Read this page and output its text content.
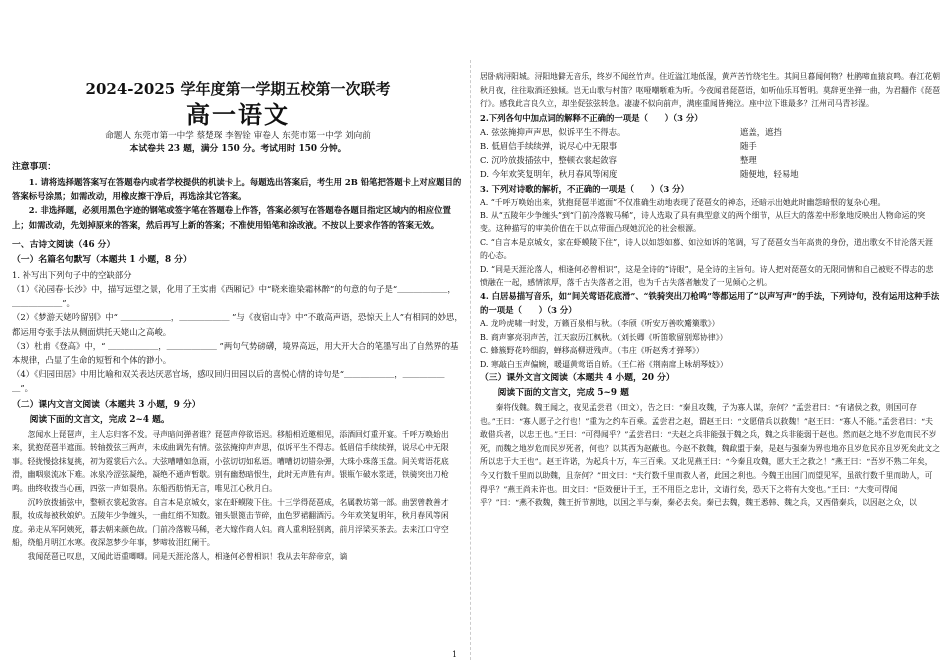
2024-2025 学年度第一学期五校第一次联考

高一语文

命题人 东莞市第一中学 蔡楚琛 李智铨 审卷人 东莞市第一中学 刘向前

本试卷共 23 题，满分 150 分。考试用时 150 分钟。

注意事项：

1. 请将选择题答案写在答题卷内或者学校提供的机读卡上。每题选出答案后，考生用 2B 铅笔把答题卡上对应题目的答案标号涂黑；如需改动，用橡皮擦干净后，再选涂其它答案。

2. 非选择题，必须用黑色字迹的钢笔或签字笔在答题卷上作答，答案必须写在答题卷各题目指定区域内的相应位置上；如需改动，先划掉原来的答案，然后再写上新的答案；不准使用铅笔和涂改液。不按以上要求作答的答案无效。

一、古诗文阅读（46 分）

（一）名篇名句默写（本题共 1 小题，8 分）

1. 补写出下列句子中的空缺部分

（1）《沁园春·长沙》中，描写远望之景，化用了王实甫《西厢记》中“晓来谁染霜林醉”的句意的句子是“＿＿＿＿＿＿，＿＿＿＿＿＿”。

（2）《梦游天姥吟留别》中“ ＿＿＿＿＿＿，＿＿＿＿＿＿ ”与《夜宿山寺》中“不敢高声语，恐惊天上人”有相同的妙思，都运用夸张手法从侧面烘托天姥山之高峻。

（3）杜甫《登高》中，“ ＿＿＿＿＿＿，＿＿＿＿＿＿ ”两句气势磅礴，境界高远，用大开大合的笔墨写出了自然界的基本规律，凸显了生命的短暂和个体的渺小。

（4）《归园田居》中用比喻和双关表达厌恶官场，感叹回归田园以后的喜悦心情的诗句是“＿＿＿＿＿＿，＿＿＿＿＿＿”。

（二）课内文言文阅读（本题共 3 小题，9 分）

阅读下面的文言文，完成 2~4 题。

忽闻水上琵琶声，主人忘归客不发。寻声暗问弹者谁？琵琶声停欲语迟。移船相近邀相见，添酒回灯重开宴。千呼万唤始出来，犹抱琵琶半遮面。转轴拨弦三两声，未成曲调先有情。弦弦掩抑声声思，似诉平生不得志。低眉信手续续弹，说尽心中无限事。轻拢慢捻抹复挑，初为霓裳后六么。大弦嘈嘈如急雨，小弦切切如私语。嘈嘈切切错杂弹，大珠小珠落玉盘。间关莺语花底滑，幽咽泉流冰下难。冰泉冷涩弦凝绝，凝绝不通声暂歇。别有幽愁暗恨生，此时无声胜有声。银瓶乍破水浆迸，铁骑突出刀枪鸣。曲终收拨当心画，四弦一声如裂帛。东船西舫悄无言，唯见江心秋月白。

沉吟放拨插弦中，整顿衣裳起敛容。自言本是京城女，家在虾蟆陵下住。十三学得琵琶成，名属教坊第一部。曲罢曾教善才服，妆成每被秋娘妒。五陵年少争缠头，一曲红绡不知数。钿头银篦击节碎，血色罗裙翻酒污。今年欢笑复明年，秋月春风等闲度。弟走从军阿姨死，暮去朝来颜色故。门前冷落鞍马稀，老大嫁作商人妇。商人重利轻别离，前月浮梁买茶去。去来江口守空船，绕船月明江水寒。夜深忽梦少年事，梦啼妆泪红阑干。

我闻琵琶已叹息，又闻此语重唧唧。同是天涯沦落人，相逢何必曾相识！我从去年辞帝京，谪

居卧病浔阳城。浔阳地僻无音乐，终岁不闻丝竹声。住近湓江地低湿，黄芦苦竹绕宅生。其间旦暮闻何物？杜鹃啼血猿哀鸣。春江花朝秋月夜，往往取酒还独倾。岂无山歌与村笛？呕哑嘲哳难为听。今夜闻君琵琶语，如听仙乐耳暂明。莫辞更坐弹一曲，为君翻作《琵琶行》。感我此言良久立，却坐促弦弦转急。凄凄不似向前声，满座重闻皆掩泣。座中泣下谁最多？江州司马青衫湿。

2.下列各句中加点词的解释不正确的一项是（　　）（3 分）

A. 弦弦掩抑声声思，似诉平生不得志。	遮盖，遮挡
B. 低眉信手续续弹，说尽心中无限事	随手
C. 沉吟放拨插弦中，整顿衣裳起敛容	整理
D. 今年欢笑复明年，秋月春风等闲度	随便地，轻易地

3. 下列对诗歌的解析，不正确的一项是（　　）（3 分）

A. “千呼万唤始出来，犹抱琵琶半遮面”不仅准确生动地表现了琵琶女的神态，还暗示出她此时幽怨暗恨的复杂心理。

B. 从“五陵年少争缠头”到“门前冷落鞍马稀”，诗人选取了具有典型意义的两个细节，从巨大的落差中形象地反映出人物命运的突变。这种描写的审美价值在于以点带面凸现她沉沦的社会根源。

C. “自言本是京城女，家在虾蟆陵下住”，诗人以如怨如慕、如泣如诉的笔调，写了琵琶女当年高贵的身份，道出歌女不甘沦落天涯的心态。

D. “同是天涯沦落人，相逢何必曾相识”，这是全诗的“诗眼”，是全诗的主旨句。诗人把对琵琶女的无限同情和自己被贬不得志的悲愤融在一起，感情浓厚，落千古失落者之泪，也为千古失落者触发了一见倾心之机。

4. 白居易描写音乐，如“间关莺语花底滑”、“铁骑突出刀枪鸣”等都运用了“以声写声”的手法，下列诗句，没有运用这种手法的一项是（　　）（3 分）

A. 龙吟虎啸一时发，万籁百泉相与秋。（李颀《听安万善吹觱篥歌》）

B. 商声寥亮羽声苦，江天寂历江枫秋。（刘长卿《听笛歌留别郑协律》）

C. 蜂簇野花吟细韵，蝉移高柳迸残声。（韦庄《听赵秀才弹琴》）

D. 寒敲白玉声偏婉，暖逼黄莺语自娇。（王仁裕《荆南席上咏胡琴妓》）

（三）课外文言文阅读（本题共 4 小题，20 分）

阅读下面的文言文，完成 5~9 题

秦将伐魏。魏王闻之，夜见孟尝君（田文），告之曰：“秦且攻魏，子为寡人谋，奈何？”孟尝君曰：“有诸侯之救，则国可存也。”王曰：“寡人愿子之行也！”重为之约车百乘。孟尝君之赵，谓赵王曰：“文愿借兵以救魏！”赵王曰：“寡人不能。”孟尝君曰：“夫敢借兵者，以忠王也。”王曰：“可得闻乎？”孟尝君曰：“夫赵之兵非能强于魏之兵，魏之兵非能弱于赵也。然而赵之地不岁危而民不岁死，而魏之地岁危而民岁死者，何也？以其西为赵蔽也。今赵不救魏，魏歃盟于秦，是赵与强秦为界也地亦且岁危民亦且岁死矣此文之所以忠于大王也”。赵王许诺，为起兵十万，车三百乘。又北见燕王曰：“今秦且攻魏，愿大王之救之！”燕王曰：“吾岁不熟二年矣，今又行数千里而以助魏，且奈何？”田文曰：“夫行数千里而救人者，此国之利也。今魏王出国门而望见军，虽欲行数千里而助人，可得乎？”燕王尚未许也。田文曰：“臣效便计于王，王不用臣之忠计，文请行矣，恐天下之将有大变也。”王曰：“大变可得闻乎？”曰：“燕不救魏，魏王折节割地，以国之半与秦，秦必去矣。秦已去魏，魏王悉韩、魏之兵，又西借秦兵，以因赵之众，以

1
